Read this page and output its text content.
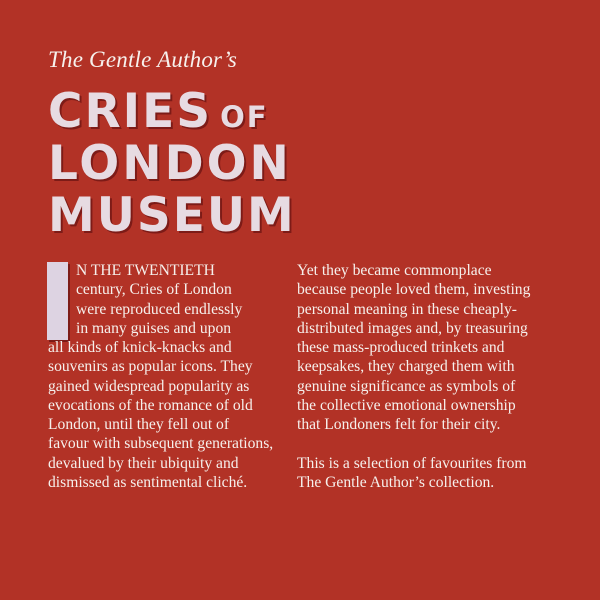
The Gentle Author’s
CRIES OF
LONDON
MUSEUM
N THE TWENTIETH
century, Cries of London
were reproduced endlessly
in many guises and upon
all kinds of knick-knacks and
souvenirs as popular icons. They
gained widespread popularity as
evocations of the romance of old
London, until they fell out of
favour with subsequent generations,
devalued by their ubiquity and
dismissed as sentimental cliché.
Yet they became commonplace
because people loved them, investing
personal meaning in these cheaply-
distributed images and, by treasuring
these mass-produced trinkets and
keepsakes, they charged them with
genuine significance as symbols of
the collective emotional ownership
that Londoners felt for their city.
This is a selection of favourites from
The Gentle Author’s collection.
